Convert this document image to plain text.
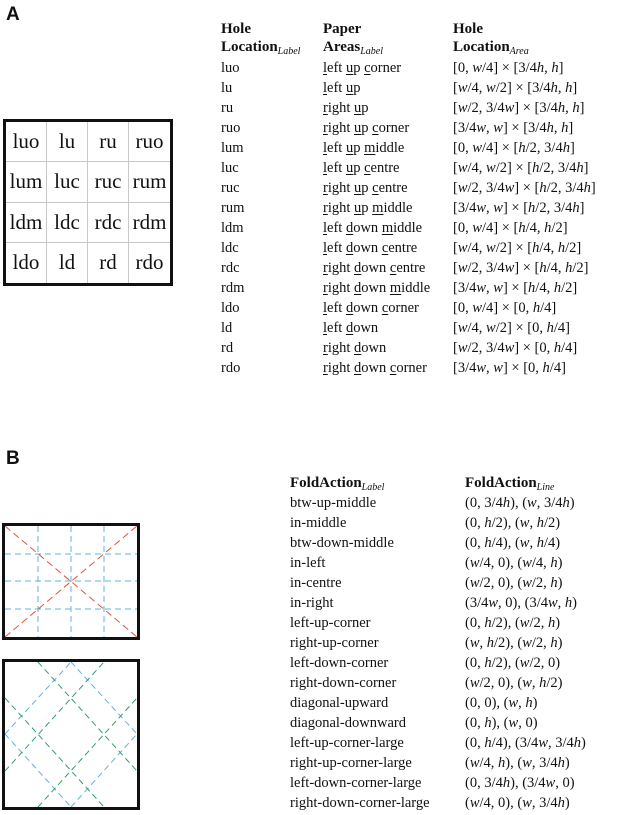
A
B
luo lu	ru ruo
lum luc ruc rum
ldm ldc rdc rdm
ldo ld	rd rdo
Hole
Location$_{Label}$
Paper
Areas$_{Label}$
Hole
Location$_{Area}$
luo	left up corner	[0, w/4] × [3/4h, h]
lu	left up	[w/4, w/2] × [3/4h, h]
ru	right up	[w/2, 3/4w] × [3/4h, h]
ruo	right up corner	[3/4w, w] × [3/4h, h]
lum	left up middle	[0, w/4] × [h/2, 3/4h]
luc	left up centre	[w/4, w/2] × [h/2, 3/4h]
ruc	right up centre	[w/2, 3/4w] × [h/2, 3/4h]
rum	right up middle	[3/4w, w] × [h/2, 3/4h]
ldm	left down middle [0, w/4] × [h/4, h/2]
ldc	left down centre [w/4, w/2] × [h/4, h/2]
rdc	right down centre [w/2, 3/4w] × [h/4, h/2]
rdm	right down middle [3/4w, w] × [h/4, h/2]
ldo	left down corner [0, w/4] × [0, h/4]
ld	left down	[w/4, w/2] × [0, h/4]
rd	right down	[w/2, 3/4w] × [0, h/4]
rdo	right down corner [3/4w, w] × [0, h/4]
FoldAction$_{Label}$	FoldAction$_{Line}$
btw-up-middle	(0, 3/4h), (w, 3/4h)
in-middle	(0, h/2), (w, h/2)
btw-down-middle	(0, h/4), (w, h/4)
in-left	(w/4, 0), (w/4, h)
in-centre	(w/2, 0), (w/2, h)
in-right	(3/4w, 0), (3/4w, h)
left-up-corner	(0, h/2), (w/2, h)
right-up-corner	(w, h/2), (w/2, h)
left-down-corner	(0, h/2), (w/2, 0)
right-down-corner	(w/2, 0), (w, h/2)
diagonal-upward	(0, 0), (w, h)
diagonal-downward	(0, h), (w, 0)
left-up-corner-large	(0, h/4), (3/4w, 3/4h)
right-up-corner-large	(w/4, h), (w, 3/4h)
left-down-corner-large	(0, 3/4h), (3/4w, 0)
right-down-corner-large (w/4, 0), (w, 3/4h)
